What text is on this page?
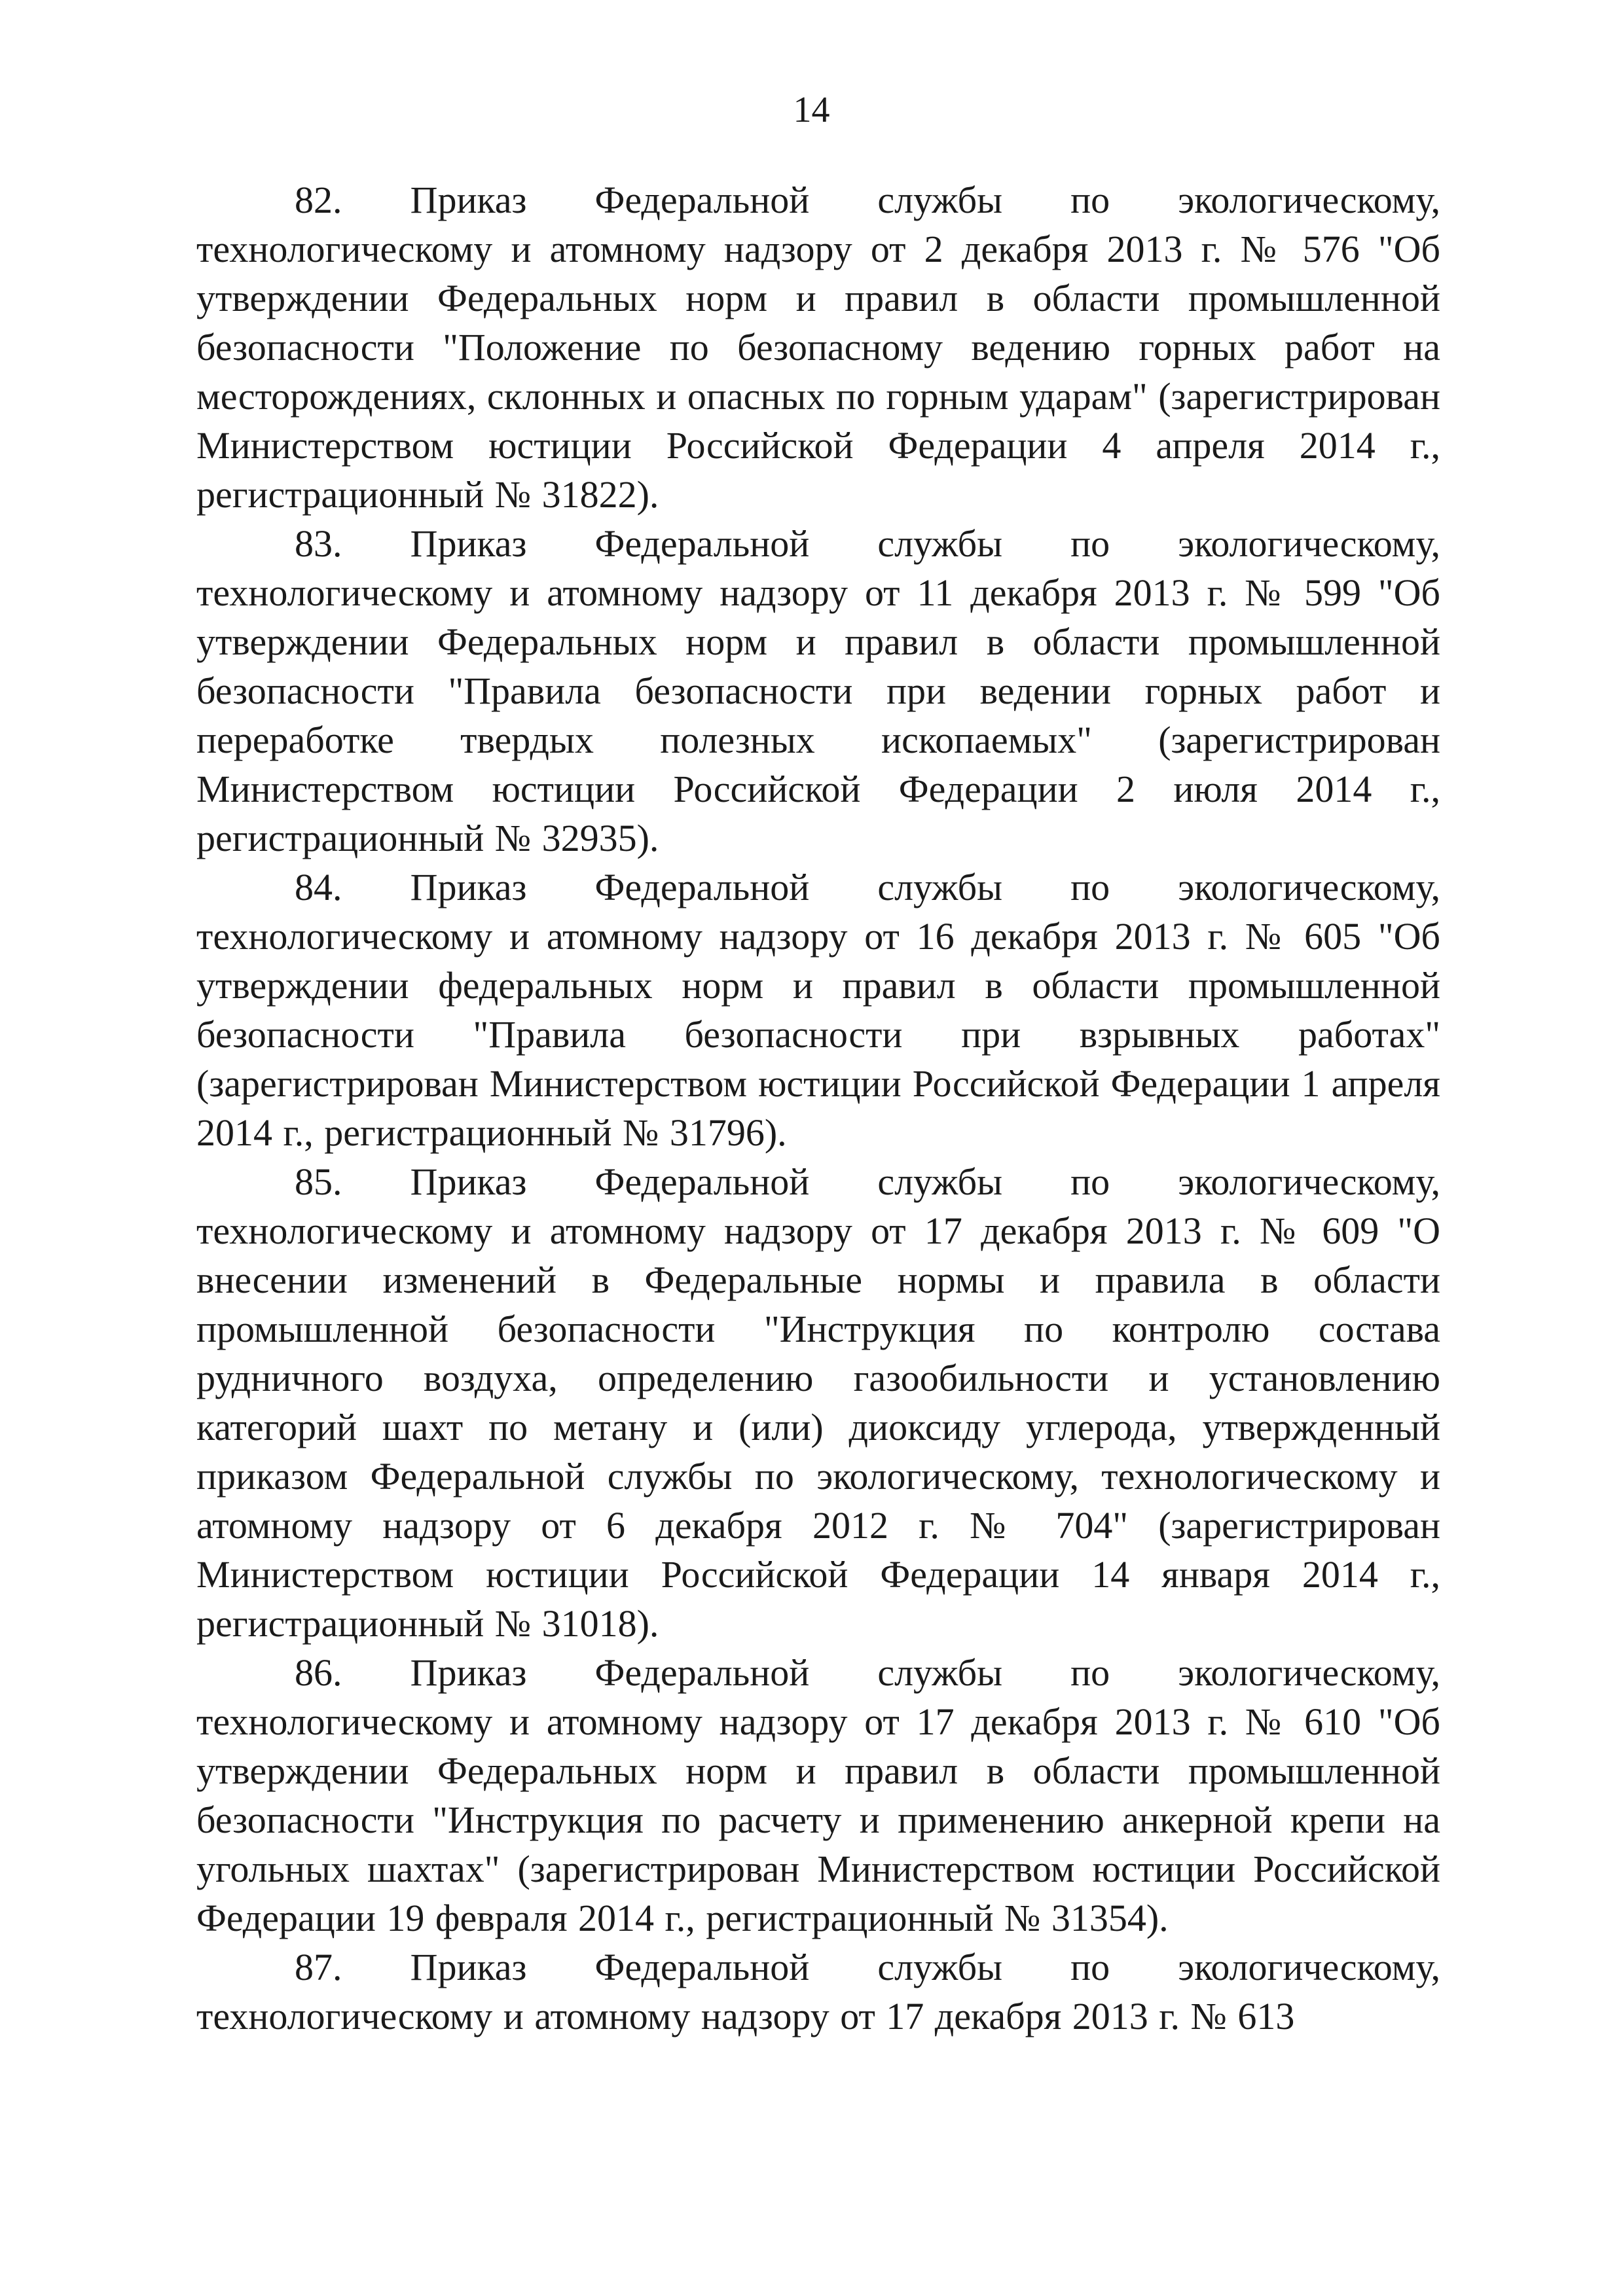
14

82. Приказ Федеральной службы по экологическому, технологическому и атомному надзору от 2 декабря 2013 г. № 576 "Об утверждении Федеральных норм и правил в области промышленной безопасности "Положение по безопасному ведению горных работ на месторождениях, склонных и опасных по горным ударам" (зарегистрирован Министерством юстиции Российской Федерации 4 апреля 2014 г., регистрационный № 31822).

83. Приказ Федеральной службы по экологическому, технологическому и атомному надзору от 11 декабря 2013 г. № 599 "Об утверждении Федеральных норм и правил в области промышленной безопасности "Правила безопасности при ведении горных работ и переработке твердых полезных ископаемых" (зарегистрирован Министерством юстиции Российской Федерации 2 июля 2014 г., регистрационный № 32935).

84. Приказ Федеральной службы по экологическому, технологическому и атомному надзору от 16 декабря 2013 г. № 605 "Об утверждении федеральных норм и правил в области промышленной безопасности "Правила безопасности при взрывных работах" (зарегистрирован Министерством юстиции Российской Федерации 1 апреля 2014 г., регистрационный № 31796).

85. Приказ Федеральной службы по экологическому, технологическому и атомному надзору от 17 декабря 2013 г. № 609 "О внесении изменений в Федеральные нормы и правила в области промышленной безопасности "Инструкция по контролю состава рудничного воздуха, определению газообильности и установлению категорий шахт по метану и (или) диоксиду углерода, утвержденный приказом Федеральной службы по экологическому, технологическому и атомному надзору от 6 декабря 2012 г. № 704" (зарегистрирован Министерством юстиции Российской Федерации 14 января 2014 г., регистрационный № 31018).

86. Приказ Федеральной службы по экологическому, технологическому и атомному надзору от 17 декабря 2013 г. № 610 "Об утверждении Федеральных норм и правил в области промышленной безопасности "Инструкция по расчету и применению анкерной крепи на угольных шахтах" (зарегистрирован Министерством юстиции Российской Федерации 19 февраля 2014 г., регистрационный № 31354).

87. Приказ Федеральной службы по экологическому, технологическому и атомному надзору от 17 декабря 2013 г. № 613
